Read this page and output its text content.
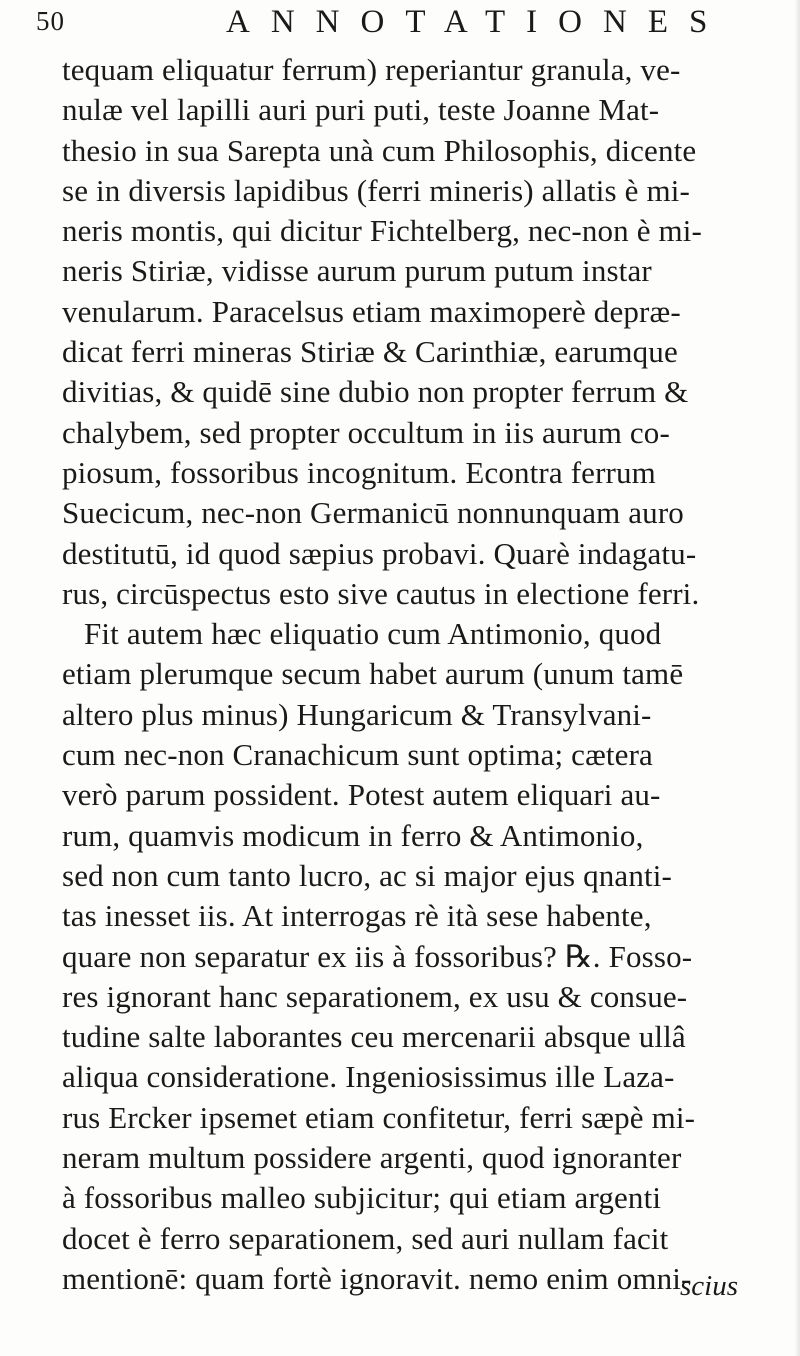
50	ANNOTATIONES
tequam eliquatur ferrum) reperiantur granula, ve-
nulæ vel lapilli auri puri puti, teste Joanne Mat-
thesio in sua Sarepta unà cum Philosophis, dicente
se in diversis lapidibus (ferri mineris) allatis è mi-
neris montis, qui dicitur Fichtelberg, nec-non è mi-
neris Stiriæ, vidisse aurum purum putum instar
venularum. Paracelsus etiam maximoperè depræ-
dicat ferri mineras Stiriæ & Carinthiæ, earumque
divitias, & quidē sine dubio non propter ferrum &
chalybem, sed propter occultum in iis aurum co-
piosum, fossoribus incognitum. Econtra ferrum
Suecicum, nec-non Germanicū nonnunquam auro
destitutū, id quod sæpius probavi. Quarè indagatu-
rus, circūspectus esto sive cautus in electione ferri.
Fit autem hæc eliquatio cum Antimonio, quod
etiam plerumque secum habet aurum (unum tamē
altero plus minus) Hungaricum & Transylvani-
cum nec-non Cranachicum sunt optima; cætera
verò parum possident. Potest autem eliquari au-
rum, quamvis modicum in ferro & Antimonio,
sed non cum tanto lucro, ac si major ejus qnanti-
tas inesset iis. At interrogas rè ità sese habente,
quare non separatur ex iis à fossoribus? ℞. Fosso-
res ignorant hanc separationem, ex usu & consue-
tudine salte laborantes ceu mercenarii absque ullâ
aliqua consideratione. Ingeniosissimus ille Laza-
rus Ercker ipsemet etiam confitetur, ferri sæpè mi-
neram multum possidere argenti, quod ignoranter
à fossoribus malleo subjicitur; qui etiam argenti
docet è ferro separationem, sed auri nullam facit
mentionē: quam fortè ignoravit. nemo enim omni-
scius
